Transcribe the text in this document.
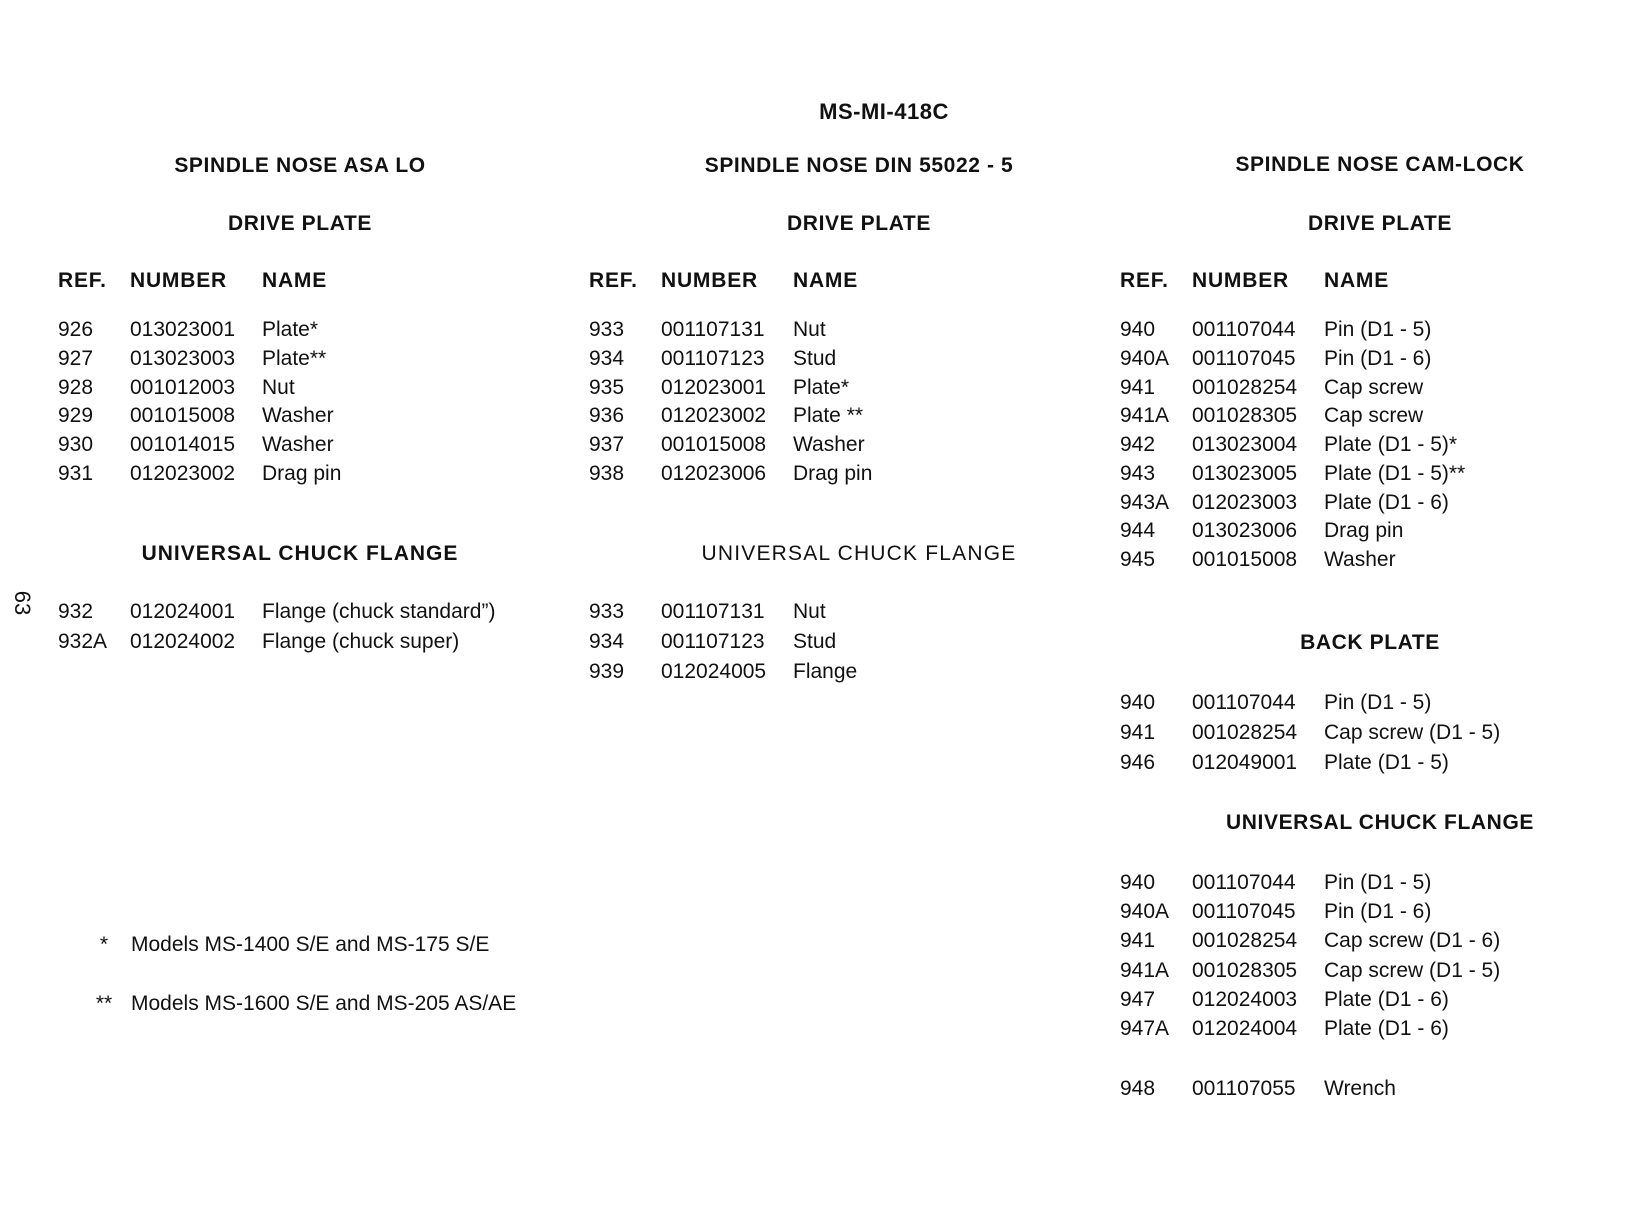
MS-MI-418C
63
SPINDLE NOSE ASA LO
DRIVE PLATE
REF. NUMBER NAME
926 013023001 Plate*
927 013023003 Plate**
928 001012003 Nut
929 001015008 Washer
930 001014015 Washer
931 012023002 Drag pin
UNIVERSAL CHUCK FLANGE
932 012024001 Flange (chuck standard”)
932A 012024002 Flange (chuck super)
SPINDLE NOSE DIN 55022 - 5
DRIVE PLATE
REF. NUMBER NAME
933 001107131 Nut
934 001107123 Stud
935 012023001 Plate*
936 012023002 Plate **
937 001015008 Washer
938 012023006 Drag pin
UNIVERSAL CHUCK FLANGE
933 001107131 Nut
934 001107123 Stud
939 012024005 Flange
SPINDLE NOSE CAM-LOCK
DRIVE PLATE
REF. NUMBER NAME
940 001107044 Pin (D1 - 5)
940A 001107045 Pin (D1 - 6)
941 001028254 Cap screw
941A 001028305 Cap screw
942 013023004 Plate (D1 - 5)*
943 013023005 Plate (D1 - 5)**
943A 012023003 Plate (D1 - 6)
944 013023006 Drag pin
945 001015008 Washer
BACK PLATE
940 001107044 Pin (D1 - 5)
941 001028254 Cap screw (D1 - 5)
946 012049001 Plate (D1 - 5)
UNIVERSAL CHUCK FLANGE
940 001107044 Pin (D1 - 5)
940A 001107045 Pin (D1 - 6)
941 001028254 Cap screw (D1 - 6)
941A 001028305 Cap screw (D1 - 5)
947 012024003 Plate (D1 - 6)
947A 012024004 Plate (D1 - 6)
948 001107055 Wrench
*	Models MS-1400 S/E and MS-175 S/E
** Models MS-1600 S/E and MS-205 AS/AE
